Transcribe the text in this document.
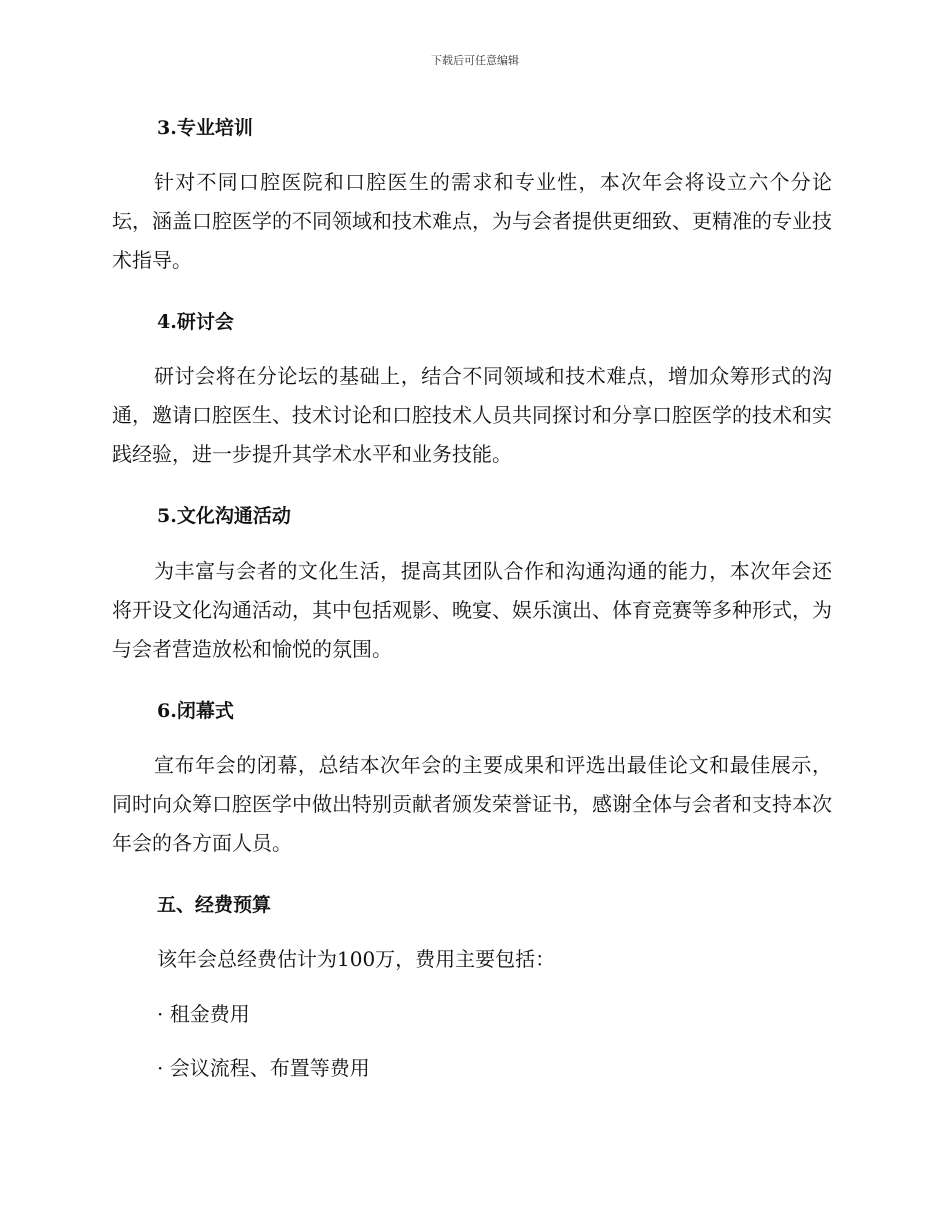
下载后可任意编辑
3.专业培训
针对不同口腔医院和口腔医生的需求和专业性，本次年会将设立六个分论坛，涵盖口腔医学的不同领域和技术难点，为与会者提供更细致、更精准的专业技术指导。
4.研讨会
研讨会将在分论坛的基础上，结合不同领域和技术难点，增加众筹形式的沟通，邀请口腔医生、技术讨论和口腔技术人员共同探讨和分享口腔医学的技术和实践经验，进一步提升其学术水平和业务技能。
5.文化沟通活动
为丰富与会者的文化生活，提高其团队合作和沟通沟通的能力，本次年会还将开设文化沟通活动，其中包括观影、晚宴、娱乐演出、体育竞赛等多种形式，为与会者营造放松和愉悦的氛围。
6.闭幕式
宣布年会的闭幕，总结本次年会的主要成果和评选出最佳论文和最佳展示，同时向众筹口腔医学中做出特别贡献者颁发荣誉证书，感谢全体与会者和支持本次年会的各方面人员。
五、经费预算
该年会总经费估计为100万，费用主要包括：
· 租金费用
· 会议流程、布置等费用
